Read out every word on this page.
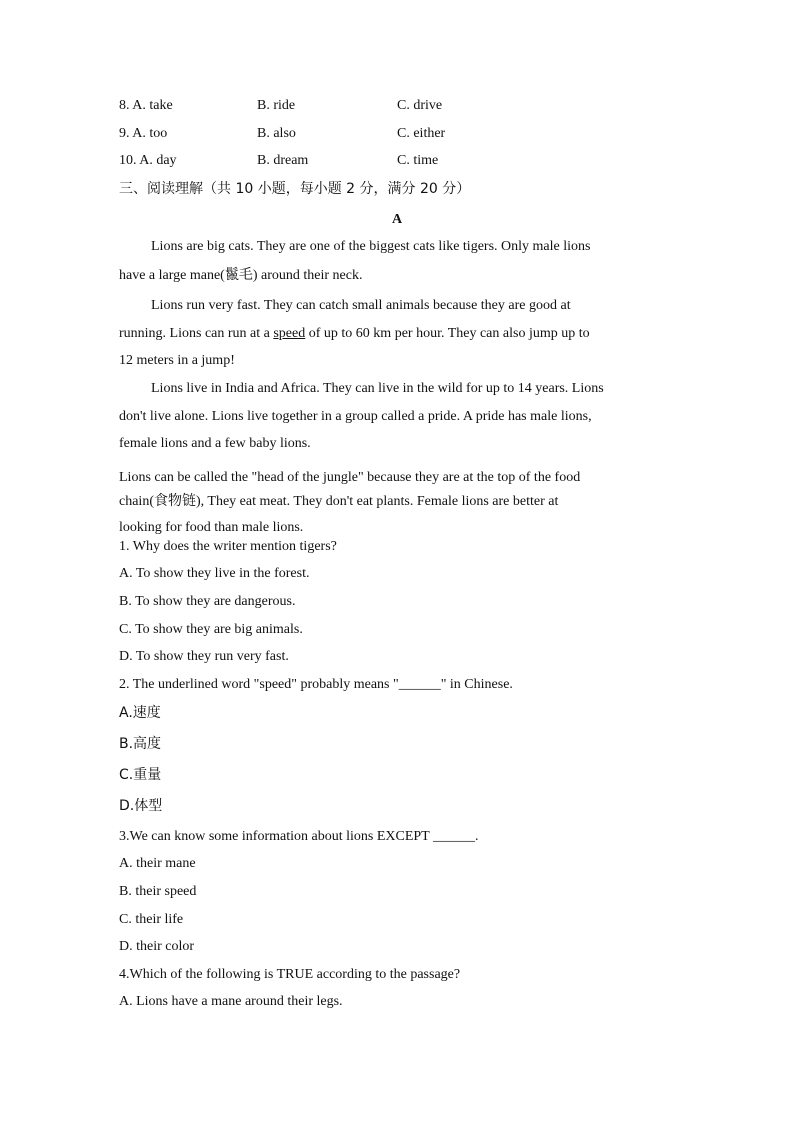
8. A. take	B. ride	C. drive
9. A. too	B. also	C. either
10. A. day	B. dream	C. time
三、阅读理解（共 10 小题，每小题 2 分，满分 20 分）
A
Lions are big cats. They are one of the biggest cats like tigers. Only male lions
have a large mane(鬣毛) around their neck.
Lions run very fast. They can catch small animals because they are good at
running. Lions can run at a speed of up to 60 km per hour. They can also jump up to
12 meters in a jump!
Lions live in India and Africa. They can live in the wild for up to 14 years. Lions
don't live alone. Lions live together in a group called a pride. A pride has male lions,
female lions and a few baby lions.
Lions can be called the "head of the jungle" because they are at the top of the food
chain(食物链), They eat meat. They don't eat plants. Female lions are better at
looking for food than male lions.
1. Why does the writer mention tigers?
A. To show they live in the forest.
B. To show they are dangerous.
C. To show they are big animals.
D. To show they run very fast.
2. The underlined word "speed" probably means "______" in Chinese.
A.速度
B.高度
C.重量
D.体型
3.We can know some information about lions EXCEPT ______.
A. their mane
B. their speed
C. their life
D. their color
4.Which of the following is TRUE according to the passage?
A. Lions have a mane around their legs.
